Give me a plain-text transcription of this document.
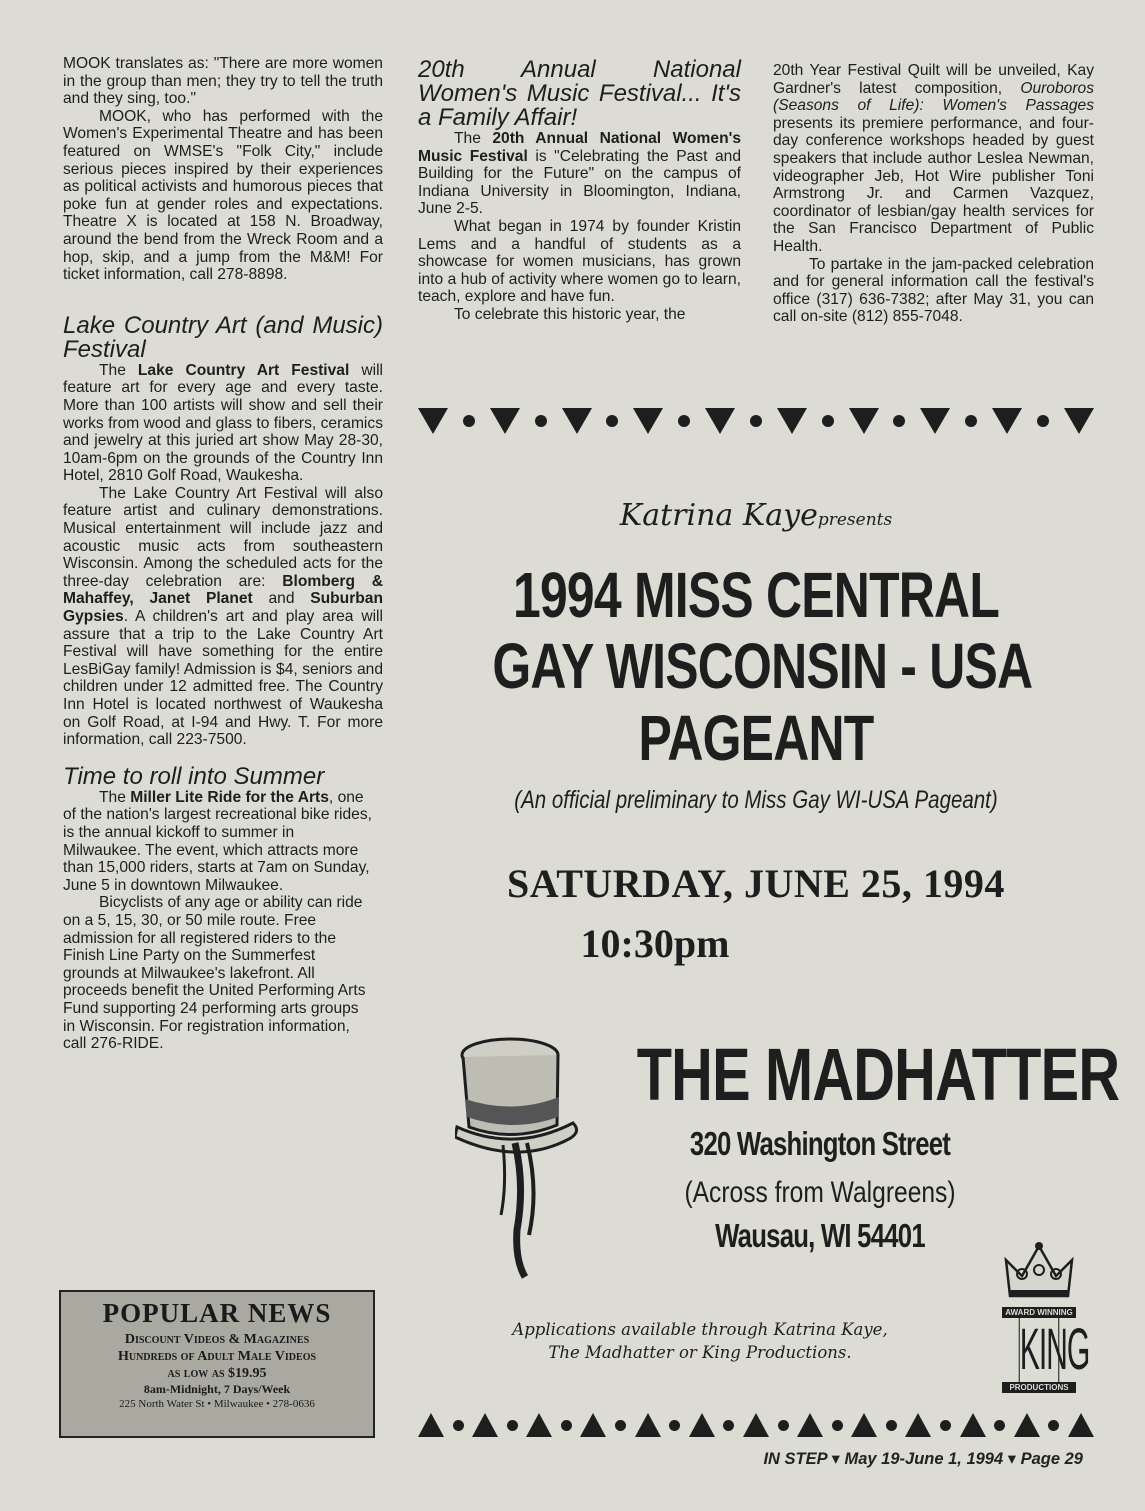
MOOK translates as: "There are more women in the group than men; they try to tell the truth and they sing, too."

MOOK, who has performed with the Women's Experimental Theatre and has been featured on WMSE's "Folk City," include serious pieces inspired by their experiences as political activists and humorous pieces that poke fun at gender roles and expectations. Theatre X is located at 158 N. Broadway, around the bend from the Wreck Room and a hop, skip, and a jump from the M&M! For ticket information, call 278-8898.

Lake Country Art (and Music) Festival

The Lake Country Art Festival will feature art for every age and every taste. More than 100 artists will show and sell their works from wood and glass to fibers, ceramics and jewelry at this juried art show May 28-30, 10am-6pm on the grounds of the Country Inn Hotel, 2810 Golf Road, Waukesha.

The Lake Country Art Festival will also feature artist and culinary demonstrations. Musical entertainment will include jazz and acoustic music acts from southeastern Wisconsin. Among the scheduled acts for the three-day celebration are: Blomberg & Mahaffey, Janet Planet and Suburban Gypsies. A children's art and play area will assure that a trip to the Lake Country Art Festival will have something for the entire LesBiGay family! Admission is $4, seniors and children under 12 admitted free. The Country Inn Hotel is located northwest of Waukesha on Golf Road, at I-94 and Hwy. T. For more information, call 223-7500.

Time to roll into Summer

The Miller Lite Ride for the Arts, one of the nation's largest recreational bike rides, is the annual kickoff to summer in Milwaukee. The event, which attracts more than 15,000 riders, starts at 7am on Sunday, June 5 in downtown Milwaukee.

Bicyclists of any age or ability can ride on a 5, 15, 30, or 50 mile route. Free admission for all registered riders to the Finish Line Party on the Summerfest grounds at Milwaukee's lakefront. All proceeds benefit the United Performing Arts Fund supporting 24 performing arts groups in Wisconsin. For registration information, call 276-RIDE.

20th Annual National Women's Music Festival... It's a Family Affair!

The 20th Annual National Women's Music Festival is "Celebrating the Past and Building for the Future" on the campus of Indiana University in Bloomington, Indiana, June 2-5.

What began in 1974 by founder Kristin Lems and a handful of students as a showcase for women musicians, has grown into a hub of activity where women go to learn, teach, explore and have fun.

To celebrate this historic year, the

20th Year Festival Quilt will be unveiled, Kay Gardner's latest composition, Ouroboros (Seasons of Life): Women's Passages presents its premiere performance, and four-day conference workshops headed by guest speakers that include author Leslea Newman, videographer Jeb, Hot Wire publisher Toni Armstrong Jr. and Carmen Vazquez, coordinator of lesbian/gay health services for the San Francisco Department of Public Health.

To partake in the jam-packed celebration and for general information call the festival's office (317) 636-7382; after May 31, you can call on-site (812) 855-7048.

Katrina Kayepresents
1994 MISS CENTRAL
GAY WISCONSIN - USA
PAGEANT
(An official preliminary to Miss Gay WI-USA Pageant)
SATURDAY, JUNE 25, 1994
10:30pm
THE MADHATTER
320 Washington Street
(Across from Walgreens)
Wausau, WI 54401
Applications available through Katrina Kaye,
The Madhatter or King Productions.
AWARD WINNING
KING
PRODUCTIONS
POPULAR NEWS
Discount Videos & Magazines
Hundreds of Adult Male Videos
as low as $19.95
8am-Midnight, 7 Days/Week
225 North Water St • Milwaukee • 278-0636
IN STEP ▾ May 19-June 1, 1994 ▾ Page 29
